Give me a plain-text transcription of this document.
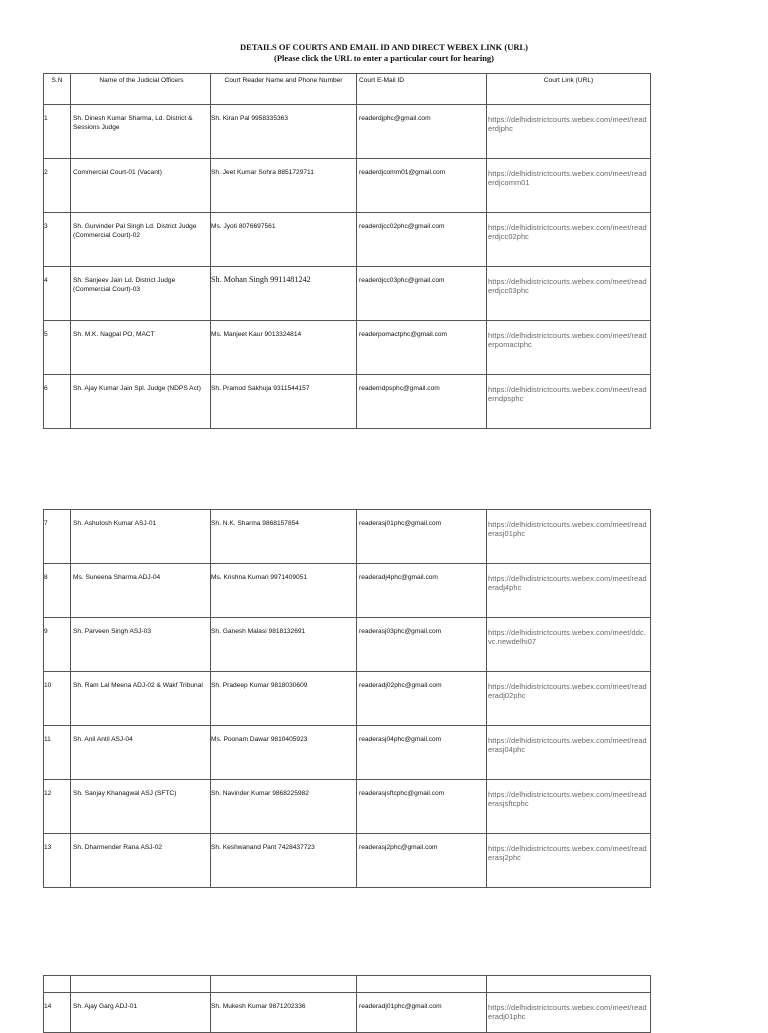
DETAILS OF COURTS AND EMAIL ID AND DIRECT WEBEX LINK (URL)
(Please click the URL to enter a particular court for hearing)
S.N	Name of the Judicial Officers	Court Reader Name and Phone Number	Court E-Mail ID	Court Link (URL)

1	Sh. Dinesh Kumar Sharma, Ld. District & Sessions Judge	Sh. Kiran Pal 9958335363	readerdjphc@gmail.com	https://delhidistrictcourts.webex.com/meet/readerdjphc

2	Commercial Court-01 (Vacant)	Sh. Jeet Kumar Sohra 8851729711	readerdjcomm01@gmail.com	https://delhidistrictcourts.webex.com/meet/readerdjcomm01

3	Sh. Gurvinder Pal Singh Ld. District Judge (Commercial Court)-02	Ms. Jyoti 8076697561	readerdjcc02phc@gmail.com	https://delhidistrictcourts.webex.com/meet/readerdjcc02phc

4	Sh. Sanjeev Jain Ld. District Judge (Commercial Court)-03	Sh. Mohan Singh 9911481242	readerdjcc03phc@gmail.com	https://delhidistrictcourts.webex.com/meet/readerdjcc03phc

5	Sh. M.K. Nagpal PO, MACT	Ms. Manjeet Kaur 9013324814	readerpomactphc@gmail.com	https://delhidistrictcourts.webex.com/meet/readerpomactphc

6	Sh. Ajay Kumar Jain Spl. Judge (NDPS Act)	Sh. Pramod Sakhuja 9311544157	readerndpsphc@gmail.com	https://delhidistrictcourts.webex.com/meet/readerndpsphc
7	Sh. Ashutosh Kumar ASJ-01	Sh. N.K. Sharma 9868157854	readerasj01phc@gmail.com	https://delhidistrictcourts.webex.com/meet/readerasj01phc

8	Ms. Suneena Sharma ADJ-04	Ms. Krishna Kumari 9971409051	readeradj4phc@gmail.com	https://delhidistrictcourts.webex.com/meet/readeradj4phc

9	Sh. Parveen Singh ASJ-03	Sh. Ganesh Malasi 9818132691	readerasj03phc@gmail.com	https://delhidistrictcourts.webex.com/meet/ddc.vc.newdelhi07

10	Sh. Ram Lal Meena ADJ-02 & Wakf Tribunal	Sh. Pradeep Kumar 9818030609	readeradj02phc@gmail.com	https://delhidistrictcourts.webex.com/meet/readeradj02phc

11	Sh. Anil Antil ASJ-04	Ms. Poonam Dawar 9810405923	readerasj04phc@gmail.com	https://delhidistrictcourts.webex.com/meet/readerasj04phc

12	Sh. Sanjay Khanagwal ASJ (SFTC)	Sh. Navinder Kumar 9868225982	readerasjsftcphc@gmail.com	https://delhidistrictcourts.webex.com/meet/readerasjsftcphc

13	Sh. Dharmender Rana ASJ-02	Sh. Keshwanand Pant 7428437723	readerasj2phc@gmail.com	https://delhidistrictcourts.webex.com/meet/readerasj2phc

14	Sh. Ajay Garg ADJ-01	Sh. Mukesh Kumar 9871202336	readeradj01phc@gmail.com	https://delhidistrictcourts.webex.com/meet/readeradj01phc
